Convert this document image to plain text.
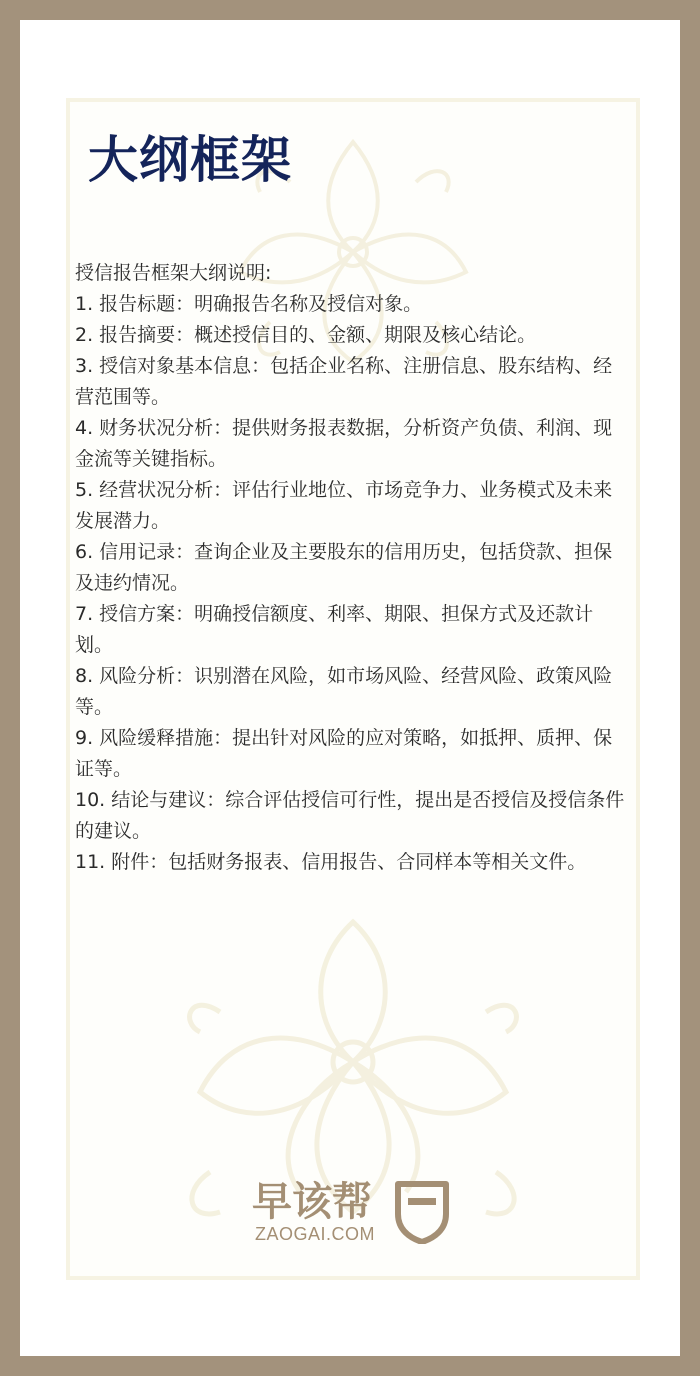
大纲框架

授信报告框架大纲说明:

1. 报告标题：明确报告名称及授信对象。

2. 报告摘要：概述授信目的、金额、期限及核心结论。

3. 授信对象基本信息：包括企业名称、注册信息、股东结构、经营范围等。

4. 财务状况分析：提供财务报表数据，分析资产负债、利润、现金流等关键指标。

5. 经营状况分析：评估行业地位、市场竞争力、业务模式及未来发展潜力。

6. 信用记录：查询企业及主要股东的信用历史，包括贷款、担保及违约情况。

7. 授信方案：明确授信额度、利率、期限、担保方式及还款计划。

8. 风险分析：识别潜在风险，如市场风险、经营风险、政策风险等。

9. 风险缓释措施：提出针对风险的应对策略，如抵押、质押、保证等。

10. 结论与建议：综合评估授信可行性，提出是否授信及授信条件的建议。

11. 附件：包括财务报表、信用报告、合同样本等相关文件。

早该帮
ZAOGAI.COM
